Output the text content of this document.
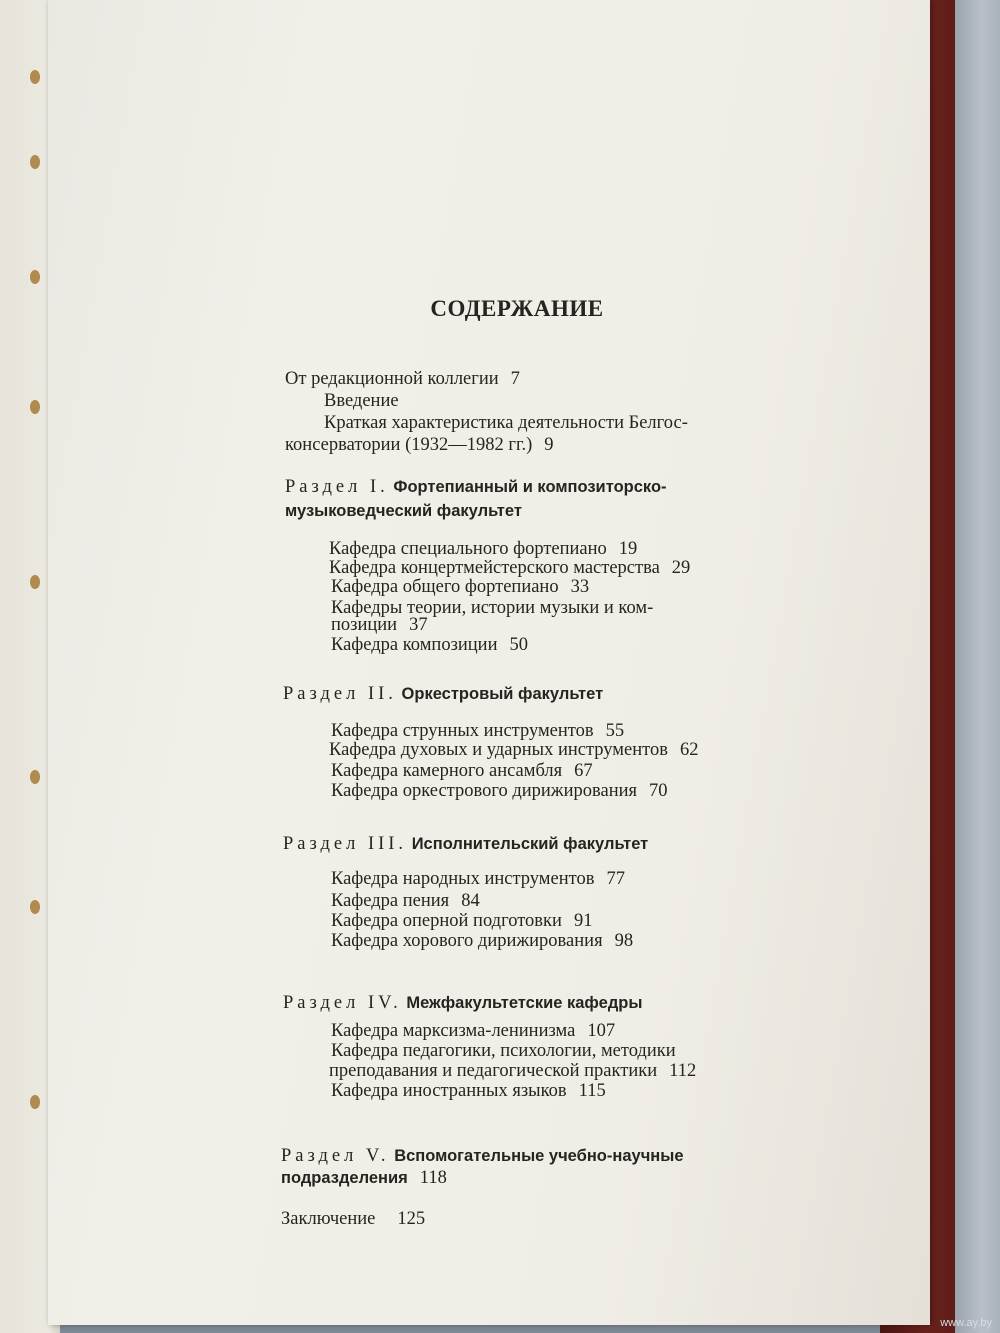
СОДЕРЖАНИЕ
От редакционной коллегии 7
Введение
Краткая характеристика деятельности Белгос-
консерватории (1932—1982 гг.) 9
Раздел I. Фортепианный и композиторско-
музыковедческий факультет
Кафедра специального фортепиано 19
Кафедра концертмейстерского мастерства 29
Кафедра общего фортепиано 33
Кафедры теории, истории музыки и ком-
позиции 37
Кафедра композиции 50
Раздел II. Оркестровый факультет
Кафедра струнных инструментов 55
Кафедра духовых и ударных инструментов 62
Кафедра камерного ансамбля 67
Кафедра оркестрового дирижирования 70
Раздел III. Исполнительский факультет
Кафедра народных инструментов 77
Кафедра пения 84
Кафедра оперной подготовки 91
Кафедра хорового дирижирования 98
Раздел IV. Межфакультетские кафедры
Кафедра марксизма-ленинизма 107
Кафедра педагогики, психологии, методики
преподавания и педагогической практики 112
Кафедра иностранных языков 115
Раздел V. Вспомогательные учебно-научные
подразделения 118
Заключение 125
www.ay.by
